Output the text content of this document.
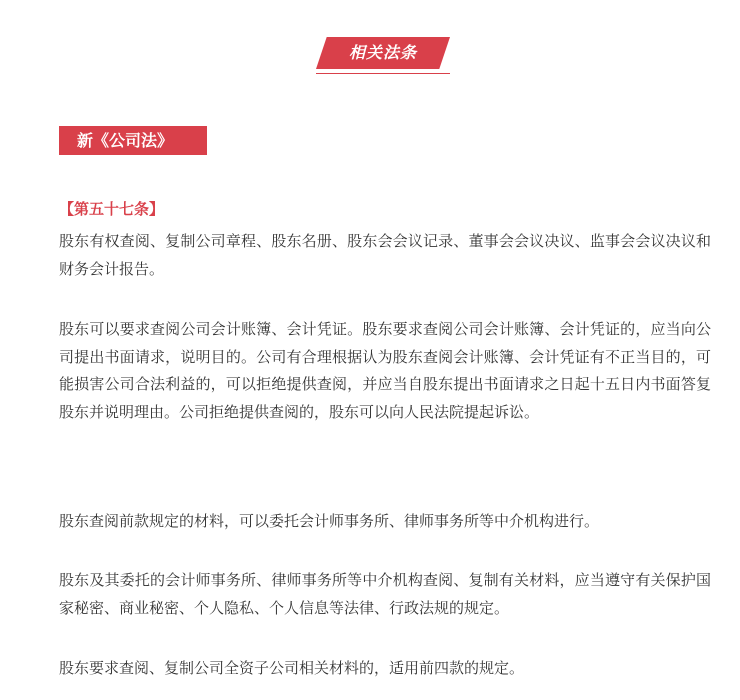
相关法条
新《公司法》
【第五十七条】

股东有权查阅、复制公司章程、股东名册、股东会会议记录、董事会会议决议、监事会会议决议和财务会计报告。

股东可以要求查阅公司会计账簿、会计凭证。股东要求查阅公司会计账簿、会计凭证的，应当向公司提出书面请求，说明目的。公司有合理根据认为股东查阅会计账簿、会计凭证有不正当目的，可能损害公司合法利益的，可以拒绝提供查阅，并应当自股东提出书面请求之日起十五日内书面答复股东并说明理由。公司拒绝提供查阅的，股东可以向人民法院提起诉讼。

股东查阅前款规定的材料，可以委托会计师事务所、律师事务所等中介机构进行。

股东及其委托的会计师事务所、律师事务所等中介机构查阅、复制有关材料，应当遵守有关保护国家秘密、商业秘密、个人隐私、个人信息等法律、行政法规的规定。

股东要求查阅、复制公司全资子公司相关材料的，适用前四款的规定。
